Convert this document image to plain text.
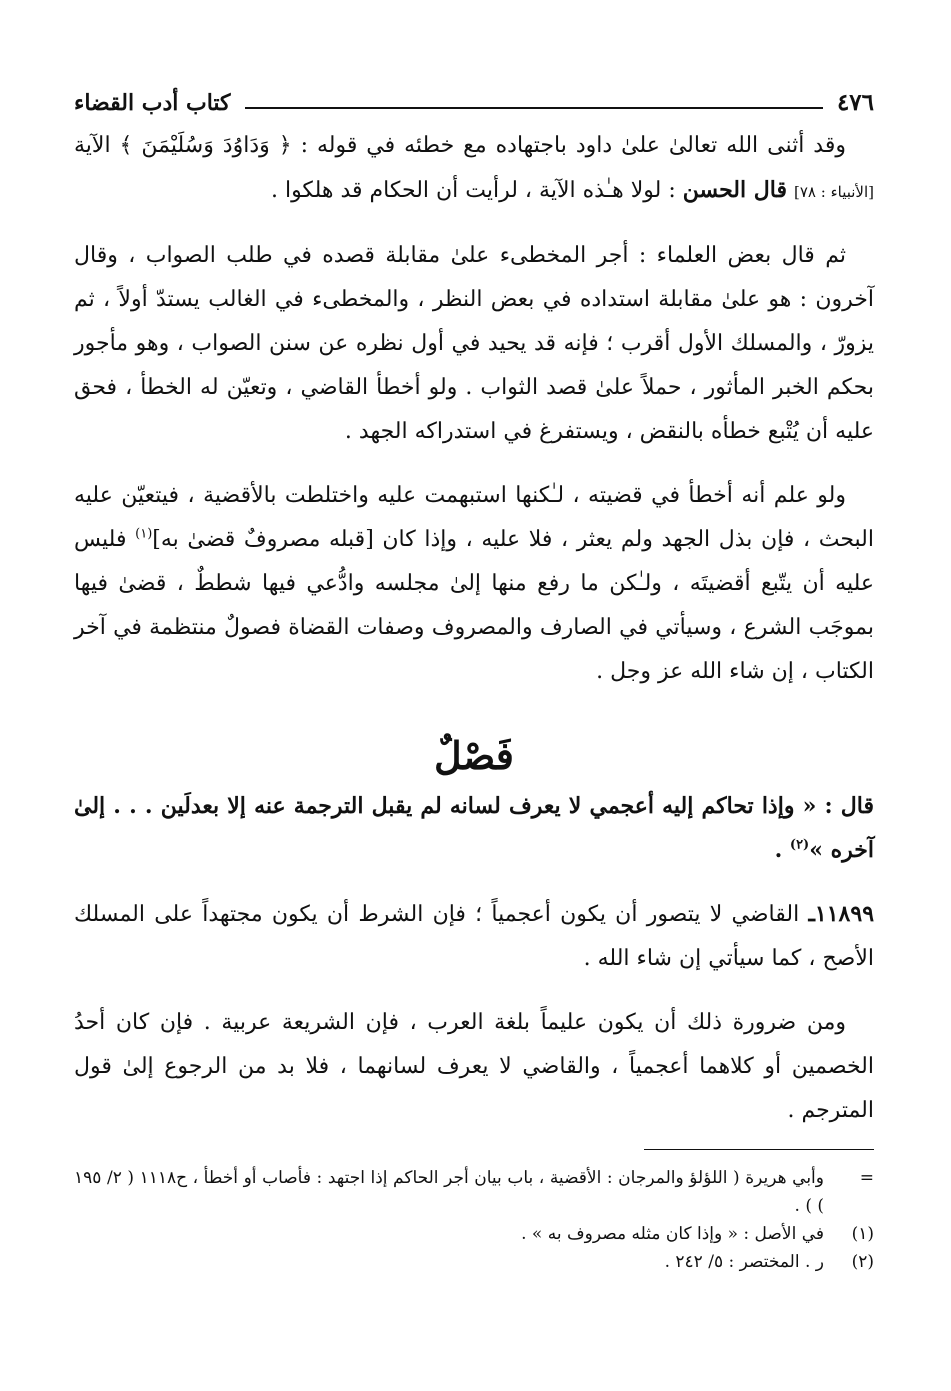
٤٧٦
كتاب أدب القضاء

وقد أثنى الله تعالىٰ علىٰ داود باجتهاده مع خطئه في قوله : ﴿ وَدَاوُدَ وَسُلَيْمَنَ ﴾ الآية [الأنبياء : ٧٨] قال الحسن : لولا هـٰذه الآية ، لرأيت أن الحكام قد هلكوا .

ثم قال بعض العلماء : أجر المخطىء علىٰ مقابلة قصده في طلب الصواب ، وقال آخرون : هو علىٰ مقابلة استداده في بعض النظر ، والمخطىء في الغالب يستدّ أولاً ، ثم يزورّ ، والمسلك الأول أقرب ؛ فإنه قد يحيد في أول نظره عن سنن الصواب ، وهو مأجور بحكم الخبر المأثور ، حملاً علىٰ قصد الثواب . ولو أخطأ القاضي ، وتعيّن له الخطأ ، فحق عليه أن يُتْبع خطأه بالنقض ، ويستفرغ في استدراكه الجهد .

ولو علم أنه أخطأ في قضيته ، لـٰكنها استبهمت عليه واختلطت بالأقضية ، فيتعيّن عليه البحث ، فإن بذل الجهد ولم يعثر ، فلا عليه ، وإذا كان [قبله مصروفٌ قضىٰ به]$^{(١)}$ فليس عليه أن يتّبع أقضيتَه ، ولـٰكن ما رفع منها إلىٰ مجلسه وادُّعي فيها شططٌ ، قضىٰ فيها بموجَب الشرع ، وسيأتي في الصارف والمصروف وصفات القضاة فصولٌ منتظمة في آخر الكتاب ، إن شاء الله عز وجل .

فَصْلٌ

قال : « وإذا تحاكم إليه أعجمي لا يعرف لسانه لم يقبل الترجمة عنه إلا بعدلَين . . . إلىٰ آخره »$^{(٢)}$ .

١١٨٩٩ـ القاضي لا يتصور أن يكون أعجمياً ؛ فإن الشرط أن يكون مجتهداً على المسلك الأصح ، كما سيأتي إن شاء الله .

ومن ضرورة ذلك أن يكون عليماً بلغة العرب ، فإن الشريعة عربية . فإن كان أحدُ الخصمين أو كلاهما أعجمياً ، والقاضي لا يعرف لسانهما ، فلا بد من الرجوع إلىٰ قول المترجم .

=
وأبي هريرة ( اللؤلؤ والمرجان : الأقضية ، باب بيان أجر الحاكم إذا اجتهد : فأصاب أو أخطأ ، ح١١١٨ ( ٢/ ١٩٥ ) ) .
(١)
في الأصل : « وإذا كان مثله مصروف به » .
(٢)
ر . المختصر : ٥/ ٢٤٢ .
